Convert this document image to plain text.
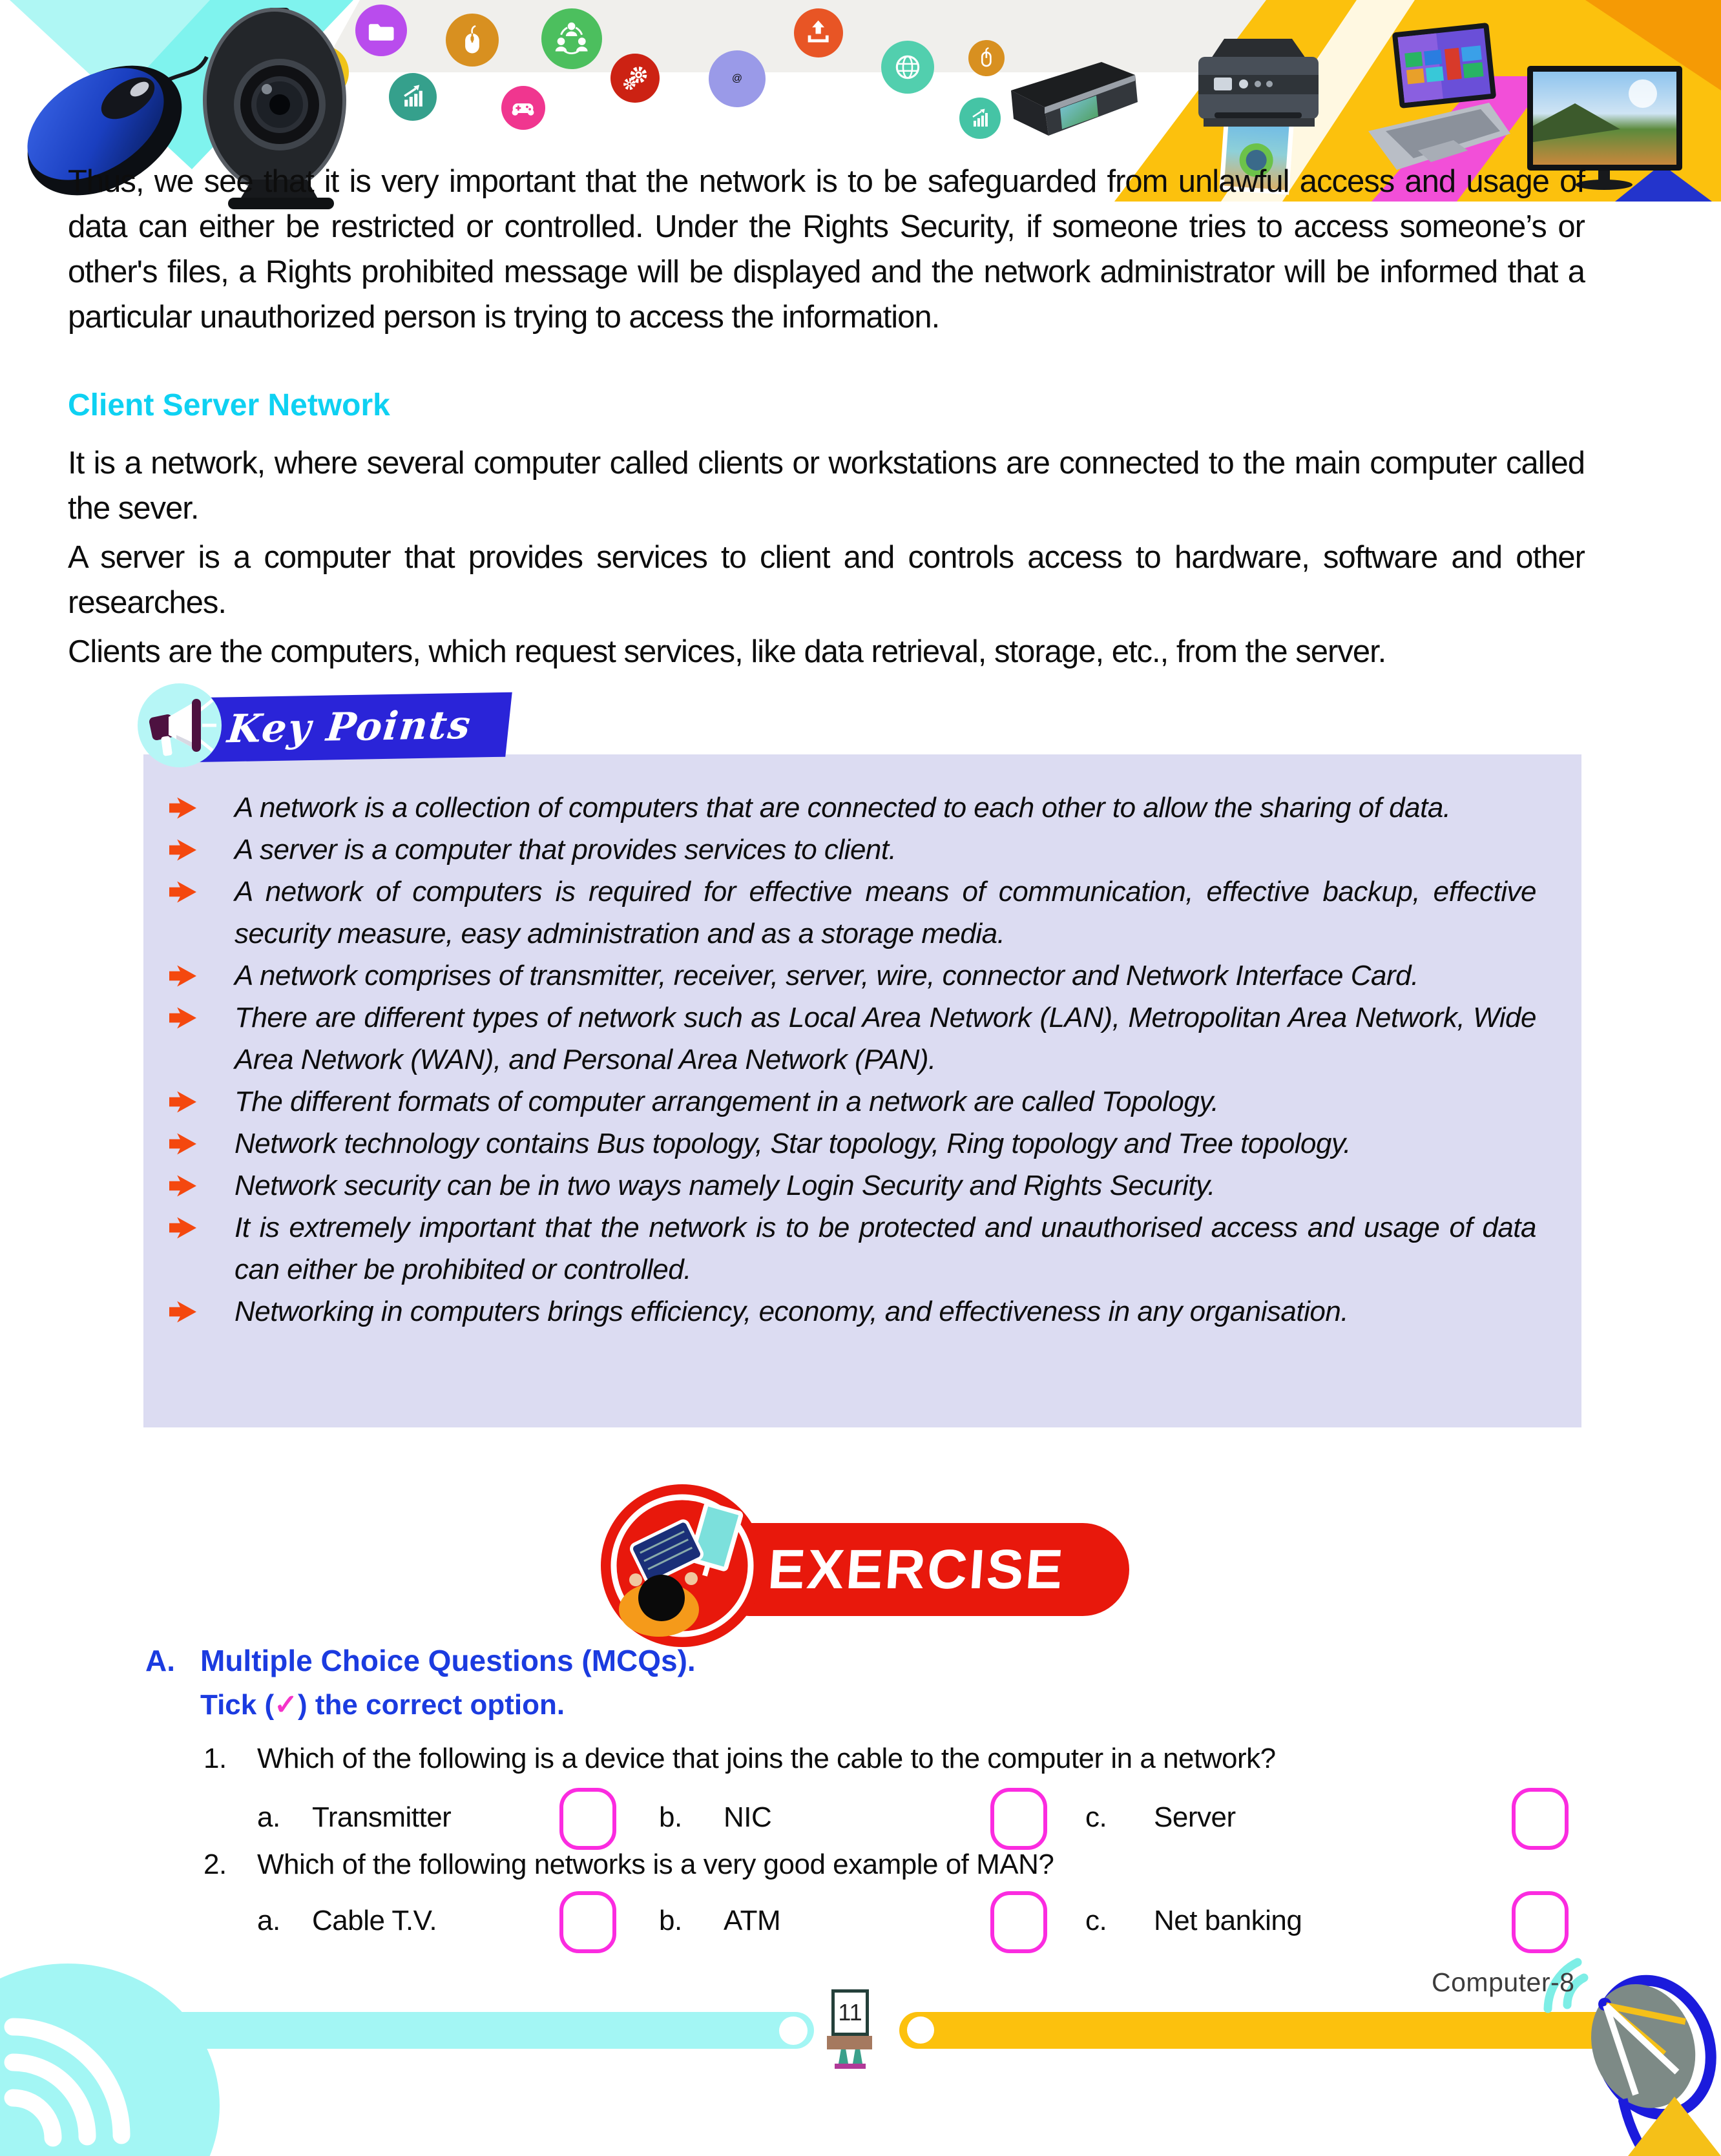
@

Thus, we see that it is very important that the network is to be safeguarded from unlawful access and usage of data can either be restricted or controlled. Under the Rights Security, if someone tries to access someone’s or other's files, a Rights prohibited message will be displayed and the network administrator will be informed that a particular unauthorized person is trying to access the information.

Client Server Network

It is a network, where several computer called clients or workstations are connected to the main computer called the sever.

A server is a computer that provides services to client and controls access to hardware, software and other researches.

Clients are the computers, which request services, like data retrieval, storage, etc., from the server.

Key Points

A network is a collection of computers that are connected to each other to allow the sharing of data.

A server is a computer that provides services to client.

A network of computers is required for effective means of communication, effective backup, effective security measure, easy administration and as a storage media.

A network comprises of transmitter, receiver, server, wire, connector and Network Interface Card.

There are different types of network such as Local Area Network (LAN), Metropolitan Area Network, Wide Area Network (WAN), and Personal Area Network (PAN).

The different formats of computer arrangement in a network are called Topology.

Network technology contains Bus topology, Star topology, Ring topology and Tree topology.

Network security can be in two ways namely Login Security and Rights Security.

It is extremely important that the network is to be protected and unauthorised access and usage of data can either be prohibited or controlled.

Networking in computers brings efficiency, economy, and effectiveness in any organisation.

EXERCISE

A. Multiple Choice Questions (MCQs).

Tick (✓) the correct option.

1. Which of the following is a device that joins the cable to the computer in a network?

a. Transmitter	b. NIC	c. Server

2. Which of the following networks is a very good example of MAN?

a. Cable T.V.	b. ATM	c. Net banking
Computer-8
11
